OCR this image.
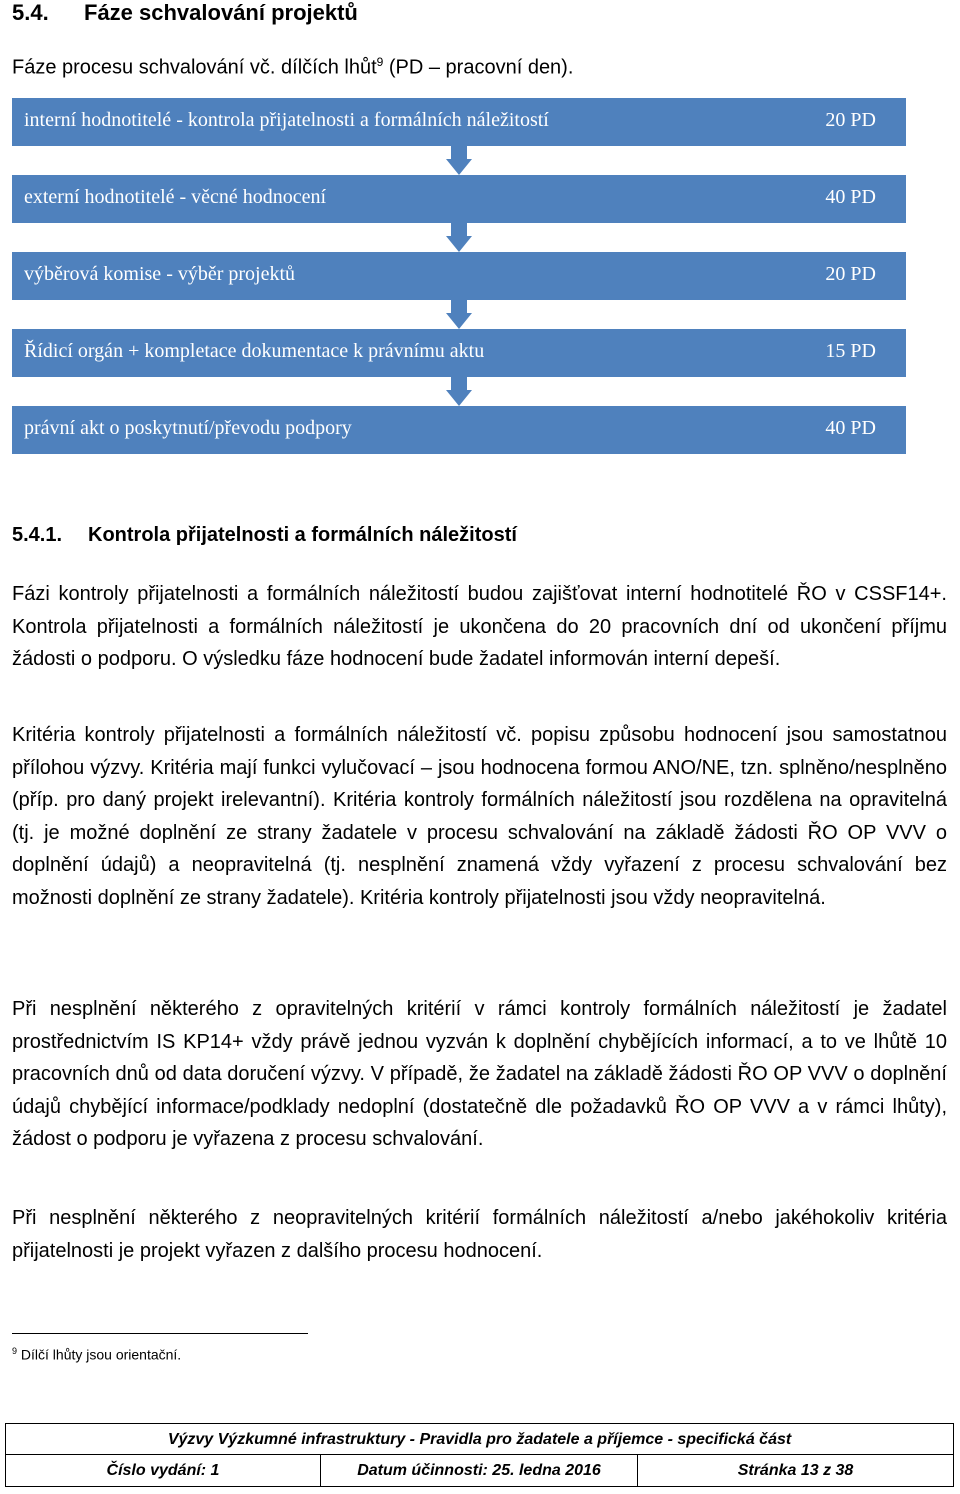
5.4. Fáze schvalování projektů
Fáze procesu schvalování vč. dílčích lhůt$^9$ (PD – pracovní den).
interní hodnotitelé - kontrola přijatelnosti a formálních náležitostí	20 PD
externí hodnotitelé - věcné hodnocení	40 PD
výběrová komise - výběr projektů	20 PD
Řídicí orgán + kompletace dokumentace k právnímu aktu	15 PD
právní akt o poskytnutí/převodu podpory	40 PD
5.4.1. Kontrola přijatelnosti a formálních náležitostí
Fázi kontroly přijatelnosti a formálních náležitostí budou zajišťovat interní hodnotitelé ŘO v CSSF14+. Kontrola přijatelnosti a formálních náležitostí je ukončena do 20 pracovních dní od ukončení příjmu žádosti o podporu. O výsledku fáze hodnocení bude žadatel informován interní depeší.
Kritéria kontroly přijatelnosti a formálních náležitostí vč. popisu způsobu hodnocení jsou samostatnou přílohou výzvy. Kritéria mají funkci vylučovací – jsou hodnocena formou ANO/NE, tzn. splněno/nesplněno (příp. pro daný projekt irelevantní). Kritéria kontroly formálních náležitostí jsou rozdělena na opravitelná (tj. je možné doplnění ze strany žadatele v procesu schvalování na základě žádosti ŘO OP VVV o doplnění údajů) a neopravitelná (tj. nesplnění znamená vždy vyřazení z procesu schvalování bez možnosti doplnění ze strany žadatele). Kritéria kontroly přijatelnosti jsou vždy neopravitelná.
Při nesplnění některého z opravitelných kritérií v rámci kontroly formálních náležitostí je žadatel prostřednictvím IS KP14+ vždy právě jednou vyzván k doplnění chybějících informací, a to ve lhůtě 10 pracovních dnů od data doručení výzvy. V případě, že žadatel na základě žádosti ŘO OP VVV o doplnění údajů chybějící informace/podklady nedoplní (dostatečně dle požadavků ŘO OP VVV a v rámci lhůty), žádost o podporu je vyřazena z procesu schvalování.
Při nesplnění některého z neopravitelných kritérií formálních náležitostí a/nebo jakéhokoliv kritéria přijatelnosti je projekt vyřazen z dalšího procesu hodnocení.
$^9$ Dílčí lhůty jsou orientační.
Výzvy Výzkumné infrastruktury - Pravidla pro žadatele a příjemce - specifická část
Číslo vydání: 1	Datum účinnosti: 25. ledna 2016	Stránka 13 z 38
